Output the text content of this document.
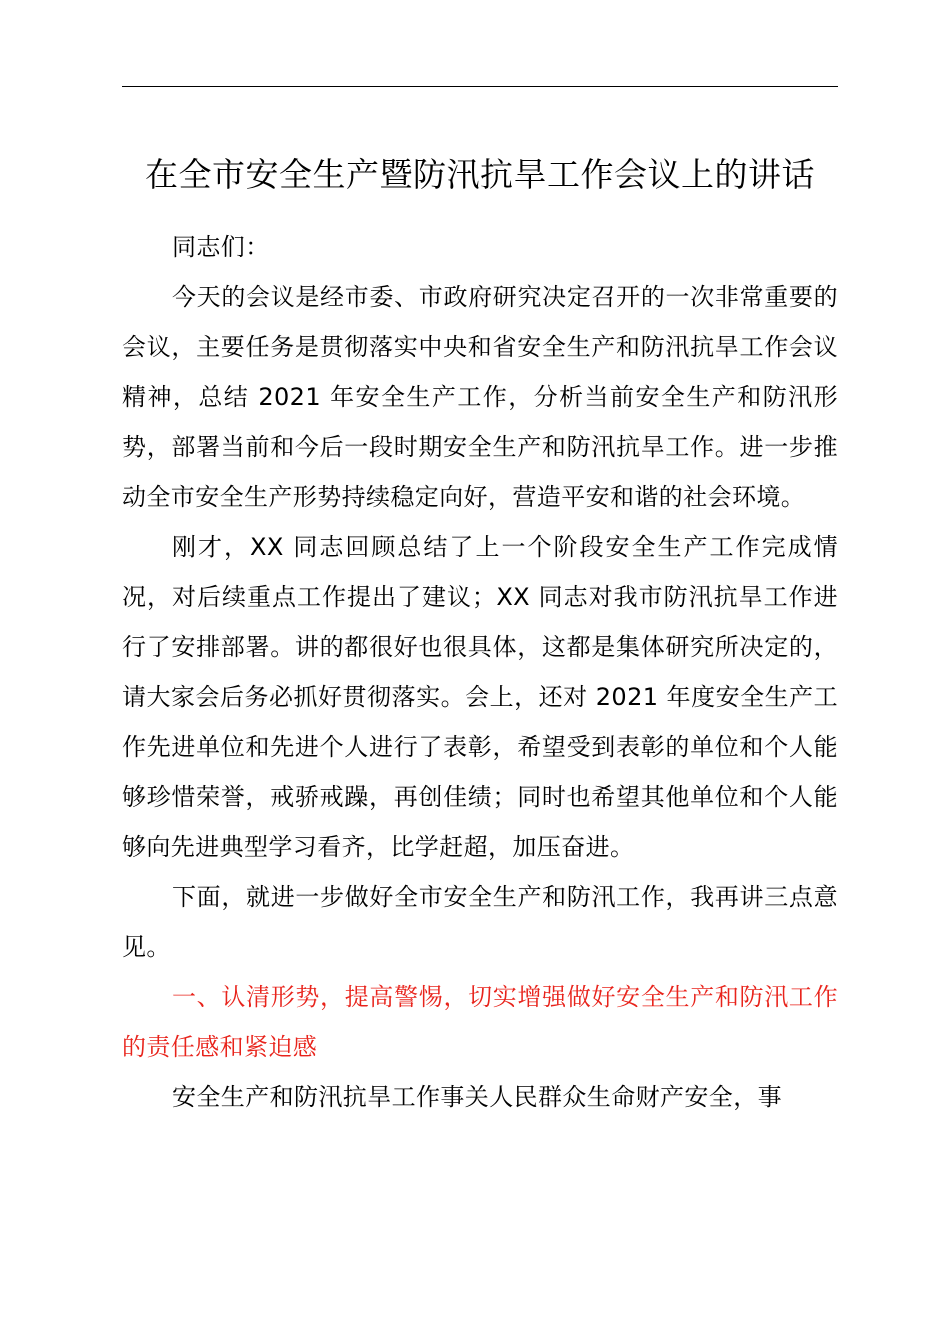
在全市安全生产暨防汛抗旱工作会议上的讲话

同志们：

今天的会议是经市委、市政府研究决定召开的一次非常重要的会议，主要任务是贯彻落实中央和省安全生产和防汛抗旱工作会议精神，总结 2021 年安全生产工作，分析当前安全生产和防汛形势，部署当前和今后一段时期安全生产和防汛抗旱工作。进一步推动全市安全生产形势持续稳定向好，营造平安和谐的社会环境。

刚才，XX 同志回顾总结了上一个阶段安全生产工作完成情况，对后续重点工作提出了建议；XX 同志对我市防汛抗旱工作进行了安排部署。讲的都很好也很具体，这都是集体研究所决定的，请大家会后务必抓好贯彻落实。会上，还对 2021 年度安全生产工作先进单位和先进个人进行了表彰，希望受到表彰的单位和个人能够珍惜荣誉，戒骄戒躁，再创佳绩；同时也希望其他单位和个人能够向先进典型学习看齐，比学赶超，加压奋进。

下面，就进一步做好全市安全生产和防汛工作，我再讲三点意见。

一、认清形势，提高警惕，切实增强做好安全生产和防汛工作的责任感和紧迫感

安全生产和防汛抗旱工作事关人民群众生命财产安全，事
